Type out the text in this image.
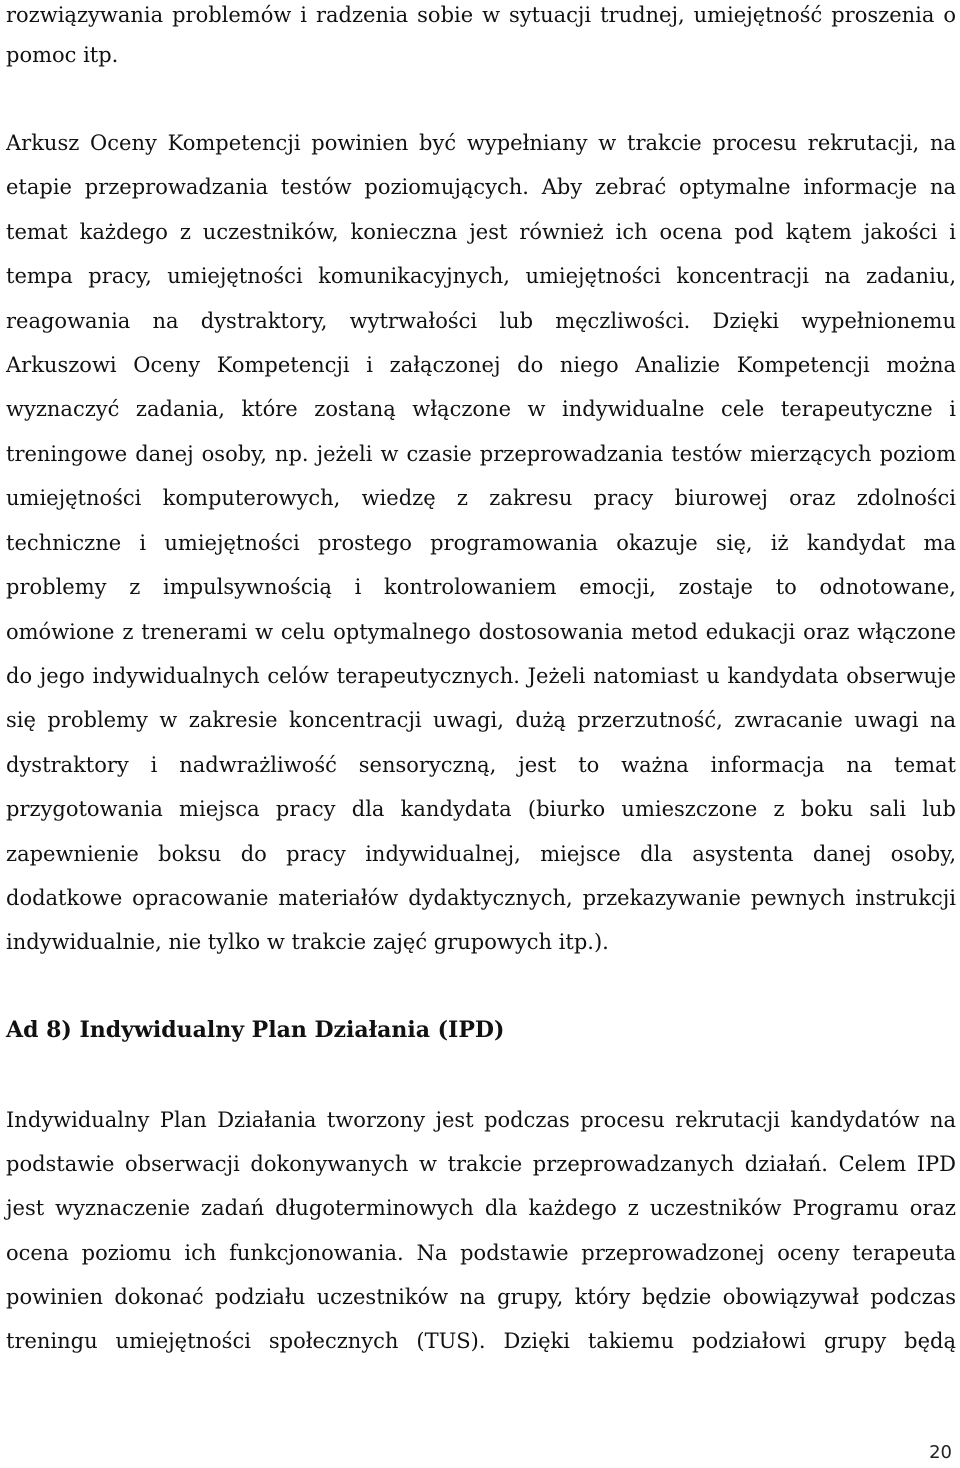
rozwiązywania problemów i radzenia sobie w sytuacji trudnej, umiejętność proszenia o
pomoc itp.
Arkusz Oceny Kompetencji powinien być wypełniany w trakcie procesu rekrutacji, na
etapie przeprowadzania testów poziomujących. Aby zebrać optymalne informacje na
temat każdego z uczestników, konieczna jest również ich ocena pod kątem jakości i
tempa pracy, umiejętności komunikacyjnych, umiejętności koncentracji na zadaniu,
reagowania na dystraktory, wytrwałości lub męczliwości. Dzięki wypełnionemu
Arkuszowi Oceny Kompetencji i załączonej do niego Analizie Kompetencji można
wyznaczyć zadania, które zostaną włączone w indywidualne cele terapeutyczne i
treningowe danej osoby, np. jeżeli w czasie przeprowadzania testów mierzących poziom
umiejętności komputerowych, wiedzę z zakresu pracy biurowej oraz zdolności
techniczne i umiejętności prostego programowania okazuje się, iż kandydat ma
problemy z impulsywnością i kontrolowaniem emocji, zostaje to odnotowane,
omówione z trenerami w celu optymalnego dostosowania metod edukacji oraz włączone
do jego indywidualnych celów terapeutycznych. Jeżeli natomiast u kandydata obserwuje
się problemy w zakresie koncentracji uwagi, dużą przerzutność, zwracanie uwagi na
dystraktory i nadwrażliwość sensoryczną, jest to ważna informacja na temat
przygotowania miejsca pracy dla kandydata (biurko umieszczone z boku sali lub
zapewnienie boksu do pracy indywidualnej, miejsce dla asystenta danej osoby,
dodatkowe opracowanie materiałów dydaktycznych, przekazywanie pewnych instrukcji
indywidualnie, nie tylko w trakcie zajęć grupowych itp.).
Ad 8) Indywidualny Plan Działania (IPD)
Indywidualny Plan Działania tworzony jest podczas procesu rekrutacji kandydatów na
podstawie obserwacji dokonywanych w trakcie przeprowadzanych działań. Celem IPD
jest wyznaczenie zadań długoterminowych dla każdego z uczestników Programu oraz
ocena poziomu ich funkcjonowania. Na podstawie przeprowadzonej oceny terapeuta
powinien dokonać podziału uczestników na grupy, który będzie obowiązywał podczas
treningu umiejętności społecznych (TUS). Dzięki takiemu podziałowi grupy będą
20
